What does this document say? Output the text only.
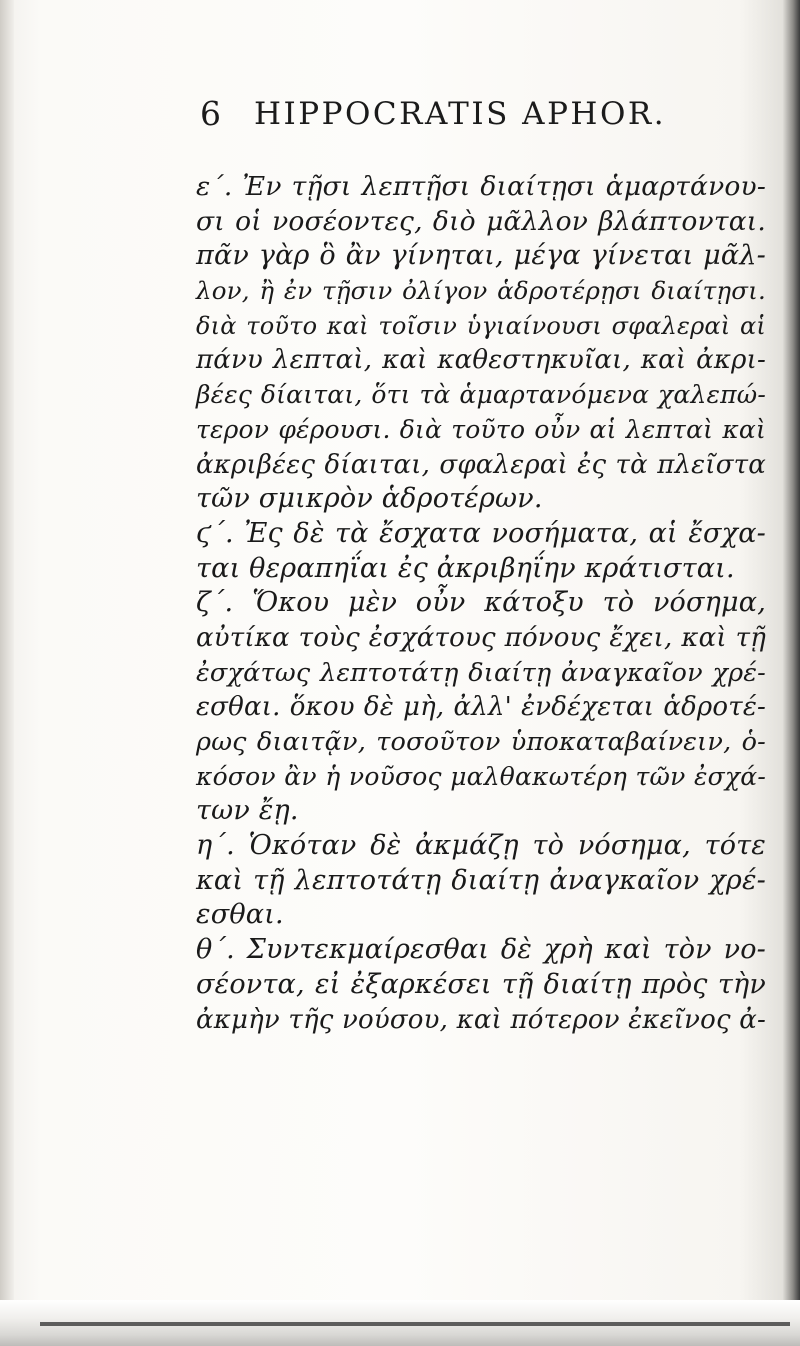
6 HIPPOCRATIS APHOR.
ε΄. Ἐν τῇσι λεπτῇσι διαίτῃσι ἁμαρτάνου-
σι οἱ νοσέοντες, διὸ μᾶλλον βλάπτονται.
πᾶν γὰρ ὃ ἂν γίνηται, μέγα γίνεται μᾶλ-
λον, ἢ ἐν τῇσιν ὀλίγον ἁδροτέρῃσι διαίτῃσι.
διὰ τοῦτο καὶ τοῖσιν ὑγιαίνουσι σφαλεραὶ αἱ
πάνυ λεπταὶ, καὶ καθεστηκυῖαι, καὶ ἀκρι-
βέες δίαιται, ὅτι τὰ ἁμαρτανόμενα χαλεπώ-
τερον φέρουσι. διὰ τοῦτο οὖν αἱ λεπταὶ καὶ
ἀκριβέες δίαιται, σφαλεραὶ ἐς τὰ πλεῖστα
τῶν σμικρὸν ἁδροτέρων.
ϛ΄. Ἐς δὲ τὰ ἔσχατα νοσήματα, αἱ ἔσχα-
ται θεραπηΐαι ἐς ἀκριβηΐην κράτισται.
ζ΄. Ὅκου μὲν οὖν κάτοξυ τὸ νόσημα,
αὐτίκα τοὺς ἐσχάτους πόνους ἔχει, καὶ τῇ
ἐσχάτως λεπτοτάτῃ διαίτῃ ἀναγκαῖον χρέ-
εσθαι. ὅκου δὲ μὴ, ἀλλ' ἐνδέχεται ἁδροτέ-
ρως διαιτᾷν, τοσοῦτον ὑποκαταβαίνειν, ὁ-
κόσον ἂν ἡ νοῦσος μαλθακωτέρη τῶν ἐσχά-
των ἔῃ.
η΄. Ὁκόταν δὲ ἀκμάζῃ τὸ νόσημα, τότε
καὶ τῇ λεπτοτάτῃ διαίτῃ ἀναγκαῖον χρέ-
εσθαι.
θ΄. Συντεκμαίρεσθαι δὲ χρὴ καὶ τὸν νο-
σέοντα, εἰ ἐξαρκέσει τῇ διαίτῃ πρὸς τὴν
ἀκμὴν τῆς νούσου, καὶ πότερον ἐκεῖνος ἀ-
